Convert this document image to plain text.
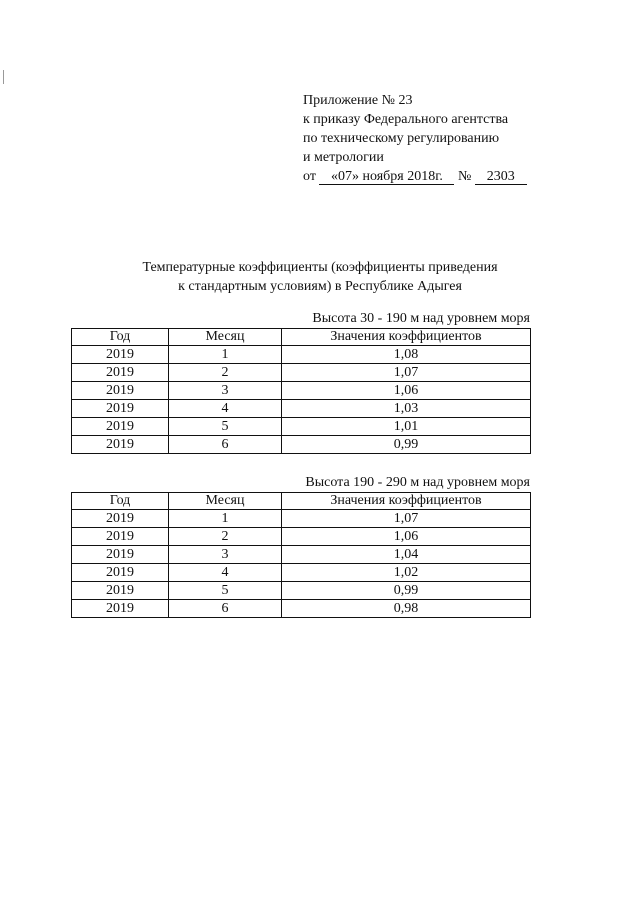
Приложение № 23
к приказу Федерального агентства
по техническому регулированию
и метрологии
от «07» ноября 2018г. № 2303
Температурные коэффициенты (коэффициенты приведения
к стандартным условиям) в Республике Адыгея
Высота 30 - 190 м над уровнем моря
Год	Месяц	Значения коэффициентов
2019	1	1,08
2019	2	1,07
2019	3	1,06
2019	4	1,03
2019	5	1,01
2019	6	0,99
Высота 190 - 290 м над уровнем моря
Год	Месяц	Значения коэффициентов
2019	1	1,07
2019	2	1,06
2019	3	1,04
2019	4	1,02
2019	5	0,99
2019	6	0,98
